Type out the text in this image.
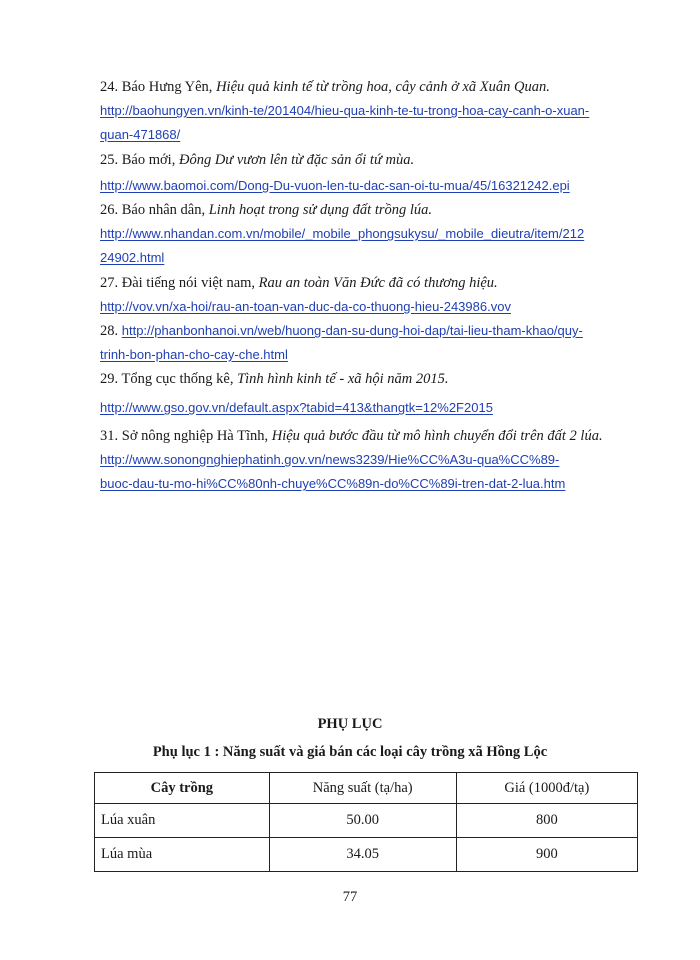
24. Báo Hưng Yên, Hiệu quả kinh tế từ trồng hoa, cây cảnh ở xã Xuân Quan.
http://baohungyen.vn/kinh-te/201404/hieu-qua-kinh-te-tu-trong-hoa-cay-canh-o-xuan-
quan-471868/
25. Báo mới, Đông Dư vươn lên từ đặc sản ổi tứ mùa.
http://www.baomoi.com/Dong-Du-vuon-len-tu-dac-san-oi-tu-mua/45/16321242.epi
26. Báo nhân dân, Linh hoạt trong sử dụng đất trồng lúa.
http://www.nhandan.com.vn/mobile/_mobile_phongsukysu/_mobile_dieutra/item/212
24902.html
27. Đài tiếng nói việt nam, Rau an toàn Văn Đức đã có thương hiệu.
http://vov.vn/xa-hoi/rau-an-toan-van-duc-da-co-thuong-hieu-243986.vov
28. http://phanbonhanoi.vn/web/huong-dan-su-dung-hoi-dap/tai-lieu-tham-khao/quy-
trinh-bon-phan-cho-cay-che.html
29. Tổng cục thống kê, Tình hình kinh tế - xã hội năm 2015.
http://www.gso.gov.vn/default.aspx?tabid=413&thangtk=12%2F2015
31. Sở nông nghiệp Hà Tĩnh, Hiệu quả bước đầu từ mô hình chuyển đổi trên đất 2 lúa.
http://www.sonongnghiephatinh.gov.vn/news3239/Hie%CC%A3u-qua%CC%89-
buoc-dau-tu-mo-hi%CC%80nh-chuye%CC%89n-do%CC%89i-tren-dat-2-lua.htm
PHỤ LỤC
Phụ lục 1 : Năng suất và giá bán các loại cây trồng xã Hồng Lộc
Cây trồng	Năng suất (tạ/ha)	Giá (1000đ/tạ)
Lúa xuân	50.00	800
Lúa mùa	34.05	900
77
